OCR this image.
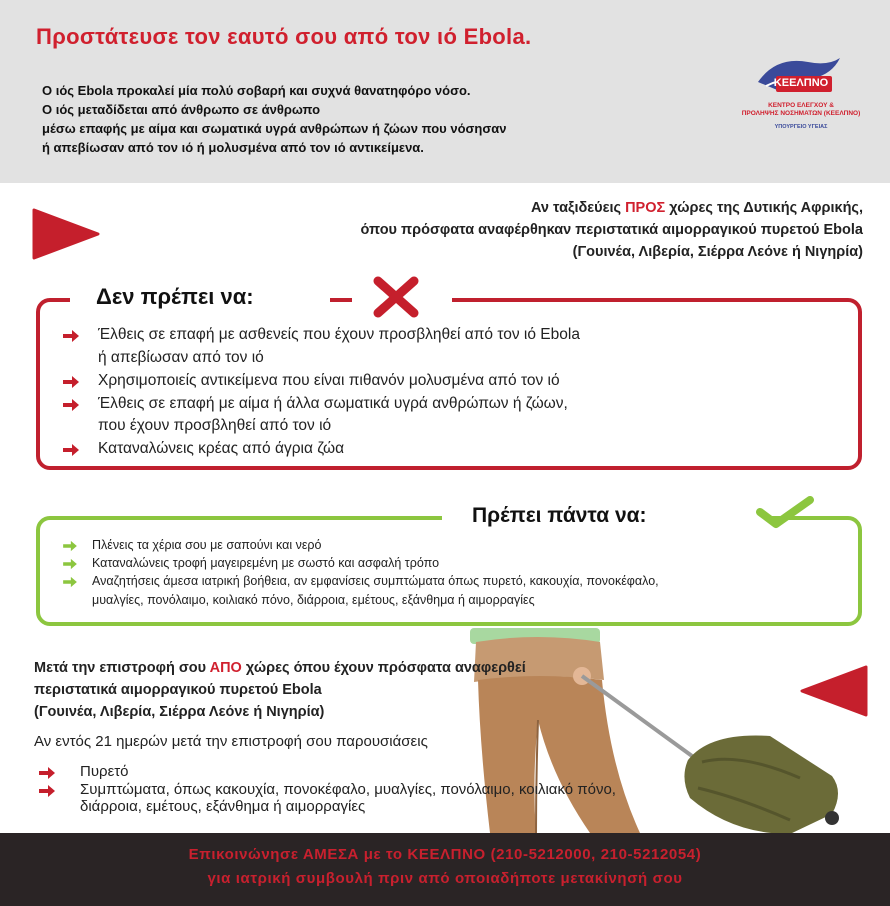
Προστάτευσε τον εαυτό σου από τον ιό Ebola.
Ο ιός Ebola προκαλεί μία πολύ σοβαρή και συχνά θανατηφόρο νόσο.
Ο ιός μεταδίδεται από άνθρωπο σε άνθρωπο
μέσω επαφής με αίμα και σωματικά υγρά ανθρώπων ή ζώων που νόσησαν
ή απεβίωσαν από τον ιό ή μολυσμένα από τον ιό αντικείμενα.
ΚΕΕΛΠΝΟ
ΚΕΝΤΡΟ ΕΛΕΓΧΟΥ &
ΠΡΟΛΗΨΗΣ ΝΟΣΗΜΑΤΩΝ (ΚΕΕΛΠΝΟ)
ΥΠΟΥΡΓΕΙΟ ΥΓΕΙΑΣ
Αν ταξιδεύεις ΠΡΟΣ χώρες της Δυτικής Αφρικής,
όπου πρόσφατα αναφέρθηκαν περιστατικά αιμορραγικού πυρετού Ebola
(Γουινέα, Λιβερία, Σιέρρα Λεόνε ή Νιγηρία)
Δεν πρέπει να:
Έλθεις σε επαφή με ασθενείς που έχουν προσβληθεί από τον ιό Ebola
ή απεβίωσαν από τον ιό
Χρησιμοποιείς αντικείμενα που είναι πιθανόν μολυσμένα από τον ιό
Έλθεις σε επαφή με αίμα ή άλλα σωματικά υγρά ανθρώπων ή ζώων,
που έχουν προσβληθεί από τον ιό
Καταναλώνεις κρέας από άγρια ζώα
Πρέπει πάντα να:
Πλένεις τα χέρια σου με σαπούνι και νερό
Καταναλώνεις τροφή μαγειρεμένη με σωστό και ασφαλή τρόπο
Αναζητήσεις άμεσα ιατρική βοήθεια, αν εμφανίσεις συμπτώματα όπως πυρετό, κακουχία, πονοκέφαλο,
μυαλγίες, πονόλαιμο, κοιλιακό πόνο, διάρροια, εμέτους, εξάνθημα ή αιμορραγίες
Μετά την επιστροφή σου ΑΠΟ χώρες όπου έχουν πρόσφατα αναφερθεί
περιστατικά αιμορραγικού πυρετού Ebola
(Γουινέα, Λιβερία, Σιέρρα Λεόνε ή Νιγηρία)
Αν εντός 21 ημερών μετά την επιστροφή σου παρουσιάσεις
Πυρετό
Συμπτώματα, όπως κακουχία, πονοκέφαλο, μυαλγίες, πονόλαιμο, κοιλιακό πόνο,
διάρροια, εμέτους, εξάνθημα ή αιμορραγίες
Επικοινώνησε ΑΜΕΣΑ με το ΚΕΕΛΠΝΟ (210-5212000, 210-5212054)
για ιατρική συμβουλή πριν από οποιαδήποτε μετακίνησή σου
